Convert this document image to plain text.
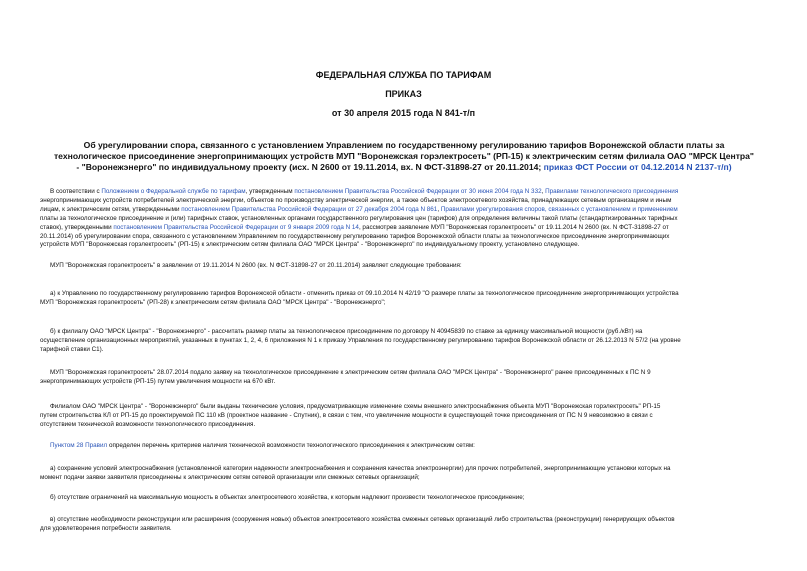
ФЕДЕРАЛЬНАЯ СЛУЖБА ПО ТАРИФАМ
ПРИКАЗ
от 30 апреля 2015 года N 841-т/п
Об урегулировании спора, связанного с установлением Управлением по государственному регулированию тарифов Воронежской области платы за
технологическое присоединение энергопринимающих устройств МУП "Воронежская горэлектросеть" (РП-15) к электрическим сетям филиала ОАО "МРСК Центра"
- "Воронежэнерго" по индивидуальному проекту (исх. N 2600 от 19.11.2014, вх. N ФСТ-31898-27 от 20.11.2014; приказ ФСТ России от 04.12.2014 N 2137-т/п)
В соответствии с Положением о Федеральной службе по тарифам, утвержденным постановлением Правительства Российской Федерации от 30 июня 2004 года N 332, Правилами технологического присоединения
энергопринимающих устройств потребителей электрической энергии, объектов по производству электрической энергии, а также объектов электросетевого хозяйства, принадлежащих сетевым организациям и иным
лицам, к электрическим сетям, утвержденными постановлением Правительства Российской Федерации от 27 декабря 2004 года N 861, Правилами урегулирования споров, связанных с установлением и применением
платы за технологическое присоединение и (или) тарифных ставок, установленных органами государственного регулирования цен (тарифов) для определения величины такой платы (стандартизированных тарифных
ставок), утвержденными постановлением Правительства Российской Федерации от 9 января 2009 года N 14, рассмотрев заявление МУП "Воронежская горэлектросеть" от 19.11.2014 N 2600 (вх. N ФСТ-31898-27 от
20.11.2014) об урегулировании спора, связанного с установлением Управлением по государственному регулированию тарифов Воронежской области платы за технологическое присоединение энергопринимающих
устройств МУП "Воронежская горэлектросеть" (РП-15) к электрическим сетям филиала ОАО "МРСК Центра" - "Воронежэнерго" по индивидуальному проекту, установлено следующее.
МУП "Воронежская горэлектросеть" в заявлении от 19.11.2014 N 2600 (вх. N ФСТ-31898-27 от 20.11.2014) заявляет следующие требования:
а) к Управлению по государственному регулированию тарифов Воронежской области - отменить приказ от 09.10.2014 N 42/19 "О размере платы за технологическое присоединение энергопринимающих устройства
МУП "Воронежская горэлектросеть" (РП-28) к электрическим сетям филиала ОАО "МРСК Центра" - "Воронежэнерго";
б) к филиалу ОАО "МРСК Центра" - "Воронежэнерго" - рассчитать размер платы за технологическое присоединение по договору N 40945839 по ставке за единицу максимальной мощности (руб./кВт) на
осуществление организационных мероприятий, указанных в пунктах 1, 2, 4, 6 приложения N 1 к приказу Управления по государственному регулированию тарифов Воронежской области от 26.12.2013 N 57/2 (на уровне
тарифной ставки С1).
МУП "Воронежская горэлектросеть" 28.07.2014 подало заявку на технологическое присоединение к электрическим сетям филиала ОАО "МРСК Центра" - "Воронежэнерго" ранее присоединенных к ПС N 9
энергопринимающих устройств (РП-15) путем увеличения мощности на 670 кВт.
Филиалом ОАО "МРСК Центра" - "Воронежэнерго" были выданы технические условия, предусматривающие изменение схемы внешнего электроснабжения объекта МУП "Воронежская горэлектросеть" РП-15
путем строительства КЛ от РП-15 до проектируемой ПС 110 кВ (проектное название - Спутник), в связи с тем, что увеличение мощности в существующей точке присоединения от ПС N 9 невозможно в связи с
отсутствием технической возможности технологического присоединения.
Пунктом 28 Правил определен перечень критериев наличия технической возможности технологического присоединения к электрическим сетям:
а) сохранение условий электроснабжения (установленной категории надежности электроснабжения и сохранения качества электроэнергии) для прочих потребителей, энергопринимающие установки которых на
момент подачи заявки заявителя присоединены к электрическим сетям сетевой организации или смежных сетевых организаций;
б) отсутствие ограничений на максимальную мощность в объектах электросетевого хозяйства, к которым надлежит произвести технологическое присоединение;
в) отсутствие необходимости реконструкции или расширения (сооружения новых) объектов электросетевого хозяйства смежных сетевых организаций либо строительства (реконструкции) генерирующих объектов
для удовлетворения потребности заявителя.
